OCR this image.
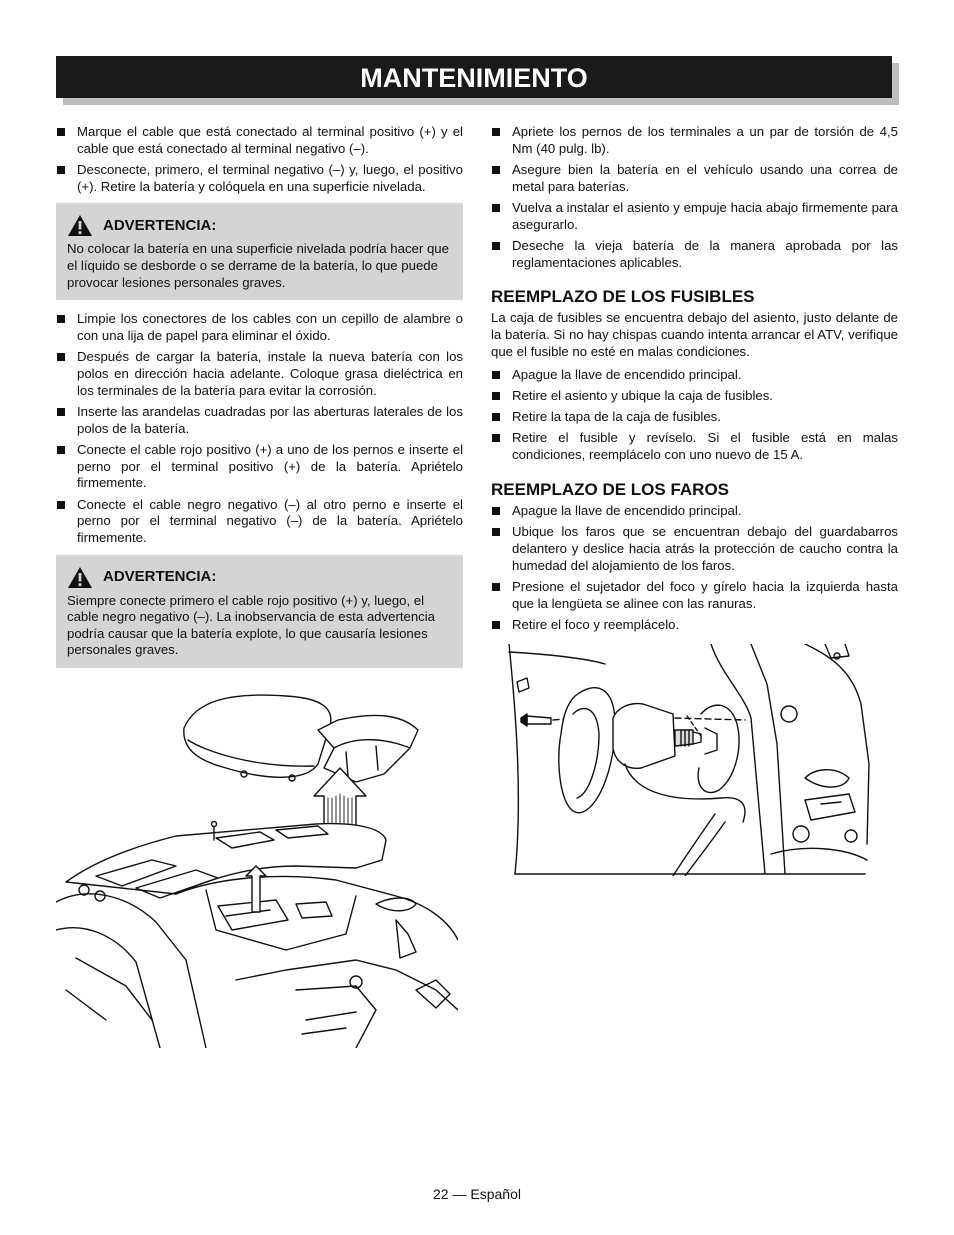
MANTENIMIENTO
Marque el cable que está conectado al terminal positivo (+) y el cable que está conectado al terminal negativo (–).
Desconecte, primero, el terminal negativo (–) y, luego, el positivo (+). Retire la batería y colóquela en una superficie nivelada.
ADVERTENCIA:
No colocar la batería en una superficie nivelada podría hacer que el líquido se desborde o se derrame de la batería, lo que puede provocar lesiones personales graves.
Limpie los conectores de los cables con un cepillo de alambre o con una lija de papel para eliminar el óxido.
Después de cargar la batería, instale la nueva batería con los polos en dirección hacia adelante. Coloque grasa dieléctrica en los terminales de la batería para evitar la corrosión.
Inserte las arandelas cuadradas por las aberturas laterales de los polos de la batería.
Conecte el cable rojo positivo (+) a uno de los pernos e inserte el perno por el terminal positivo (+) de la batería. Apriételo firmemente.
Conecte el cable negro negativo (–) al otro perno e inserte el perno por el terminal negativo (–) de la batería. Apriételo firmemente.
ADVERTENCIA:
Siempre conecte primero el cable rojo positivo (+) y, luego, el cable negro negativo (–). La inobservancia de esta advertencia podría causar que la batería explote, lo que causaría lesiones personales graves.
Apriete los pernos de los terminales a un par de torsión de 4,5 Nm (40 pulg. lb).
Asegure bien la batería en el vehículo usando una correa de metal para baterías.
Vuelva a instalar el asiento y empuje hacia abajo firmemente para asegurarlo.
Deseche la vieja batería de la manera aprobada por las reglamentaciones aplicables.
REEMPLAZO DE LOS FUSIBLES

La caja de fusibles se encuentra debajo del asiento, justo delante de la batería. Si no hay chispas cuando intenta arrancar el ATV, verifique que el fusible no esté en malas condiciones.

Apague la llave de encendido principal.
Retire el asiento y ubique la caja de fusibles.
Retire la tapa de la caja de fusibles.
Retire el fusible y revíselo. Si el fusible está en malas condiciones, reemplácelo con uno nuevo de 15 A.
REEMPLAZO DE LOS FAROS
Apague la llave de encendido principal.
Ubique los faros que se encuentran debajo del guardabarros delantero y deslice hacia atrás la protección de caucho contra la humedad del alojamiento de los faros.
Presione el sujetador del foco y gírelo hacia la izquierda hasta que la lengüeta se alinee con las ranuras.
Retire el foco y reemplácelo.
22 — Español
